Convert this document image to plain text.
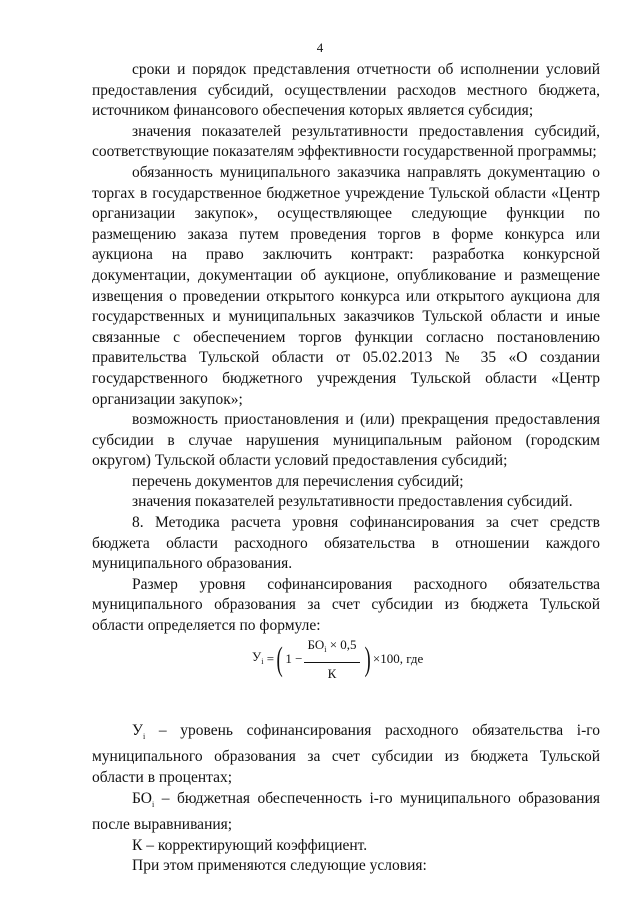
4

сроки и порядок представления отчетности об исполнении условий предоставления субсидий, осуществлении расходов местного бюджета, источником финансового обеспечения которых является субсидия;

значения показателей результативности предоставления субсидий, соответствующие показателям эффективности государственной программы;

обязанность муниципального заказчика направлять документацию о торгах в государственное бюджетное учреждение Тульской области «Центр организации закупок», осуществляющее следующие функции по размещению заказа путем проведения торгов в форме конкурса или аукциона на право заключить контракт: разработка конкурсной документации, документации об аукционе, опубликование и размещение извещения о проведении открытого конкурса или открытого аукциона для государственных и муниципальных заказчиков Тульской области и иные связанные с обеспечением торгов функции согласно постановлению правительства Тульской области от 05.02.2013 № 35 «О создании государственного бюджетного учреждения Тульской области «Центр организации закупок»;

возможность приостановления и (или) прекращения предоставления субсидии в случае нарушения муниципальным районом (городским округом) Тульской области условий предоставления субсидий;

перечень документов для перечисления субсидий;

значения показателей результативности предоставления субсидий.

8. Методика расчета уровня софинансирования за счет средств бюджета области расходного обязательства в отношении каждого муниципального образования.

Размер уровня софинансирования расходного обязательства муниципального образования за счет субсидии из бюджета Тульской области определяется по формуле:

$У_i$
= ( $1 - \frac{БО_i \times 0,5}{К}$ ) ×100, где

$У_i$ – уровень софинансирования расходного обязательства i-го муниципального образования за счет субсидии из бюджета Тульской области в процентах;

$БО_i$ – бюджетная обеспеченность i-го муниципального образования после выравнивания;

К – корректирующий коэффициент.

При этом применяются следующие условия:
